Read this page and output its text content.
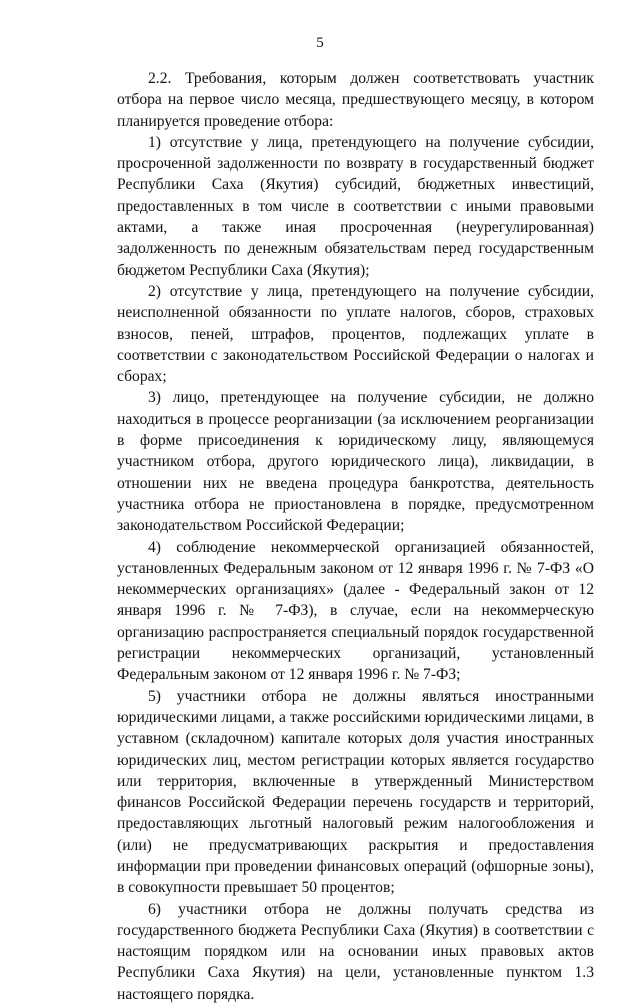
5

2.2. Требования, которым должен соответствовать участник отбора на первое число месяца, предшествующего месяцу, в котором планируется проведение отбора:

1) отсутствие у лица, претендующего на получение субсидии, просроченной задолженности по возврату в государственный бюджет Республики Саха (Якутия) субсидий, бюджетных инвестиций, предоставленных в том числе в соответствии с иными правовыми актами, а также иная просроченная (неурегулированная) задолженность по денежным обязательствам перед государственным бюджетом Республики Саха (Якутия);

2) отсутствие у лица, претендующего на получение субсидии, неисполненной обязанности по уплате налогов, сборов, страховых взносов, пеней, штрафов, процентов, подлежащих уплате в соответствии с законодательством Российской Федерации о налогах и сборах;

3) лицо, претендующее на получение субсидии, не должно находиться в процессе реорганизации (за исключением реорганизации в форме присоединения к юридическому лицу, являющемуся участником отбора, другого юридического лица), ликвидации, в отношении них не введена процедура банкротства, деятельность участника отбора не приостановлена в порядке, предусмотренном законодательством Российской Федерации;

4) соблюдение некоммерческой организацией обязанностей, установленных Федеральным законом от 12 января 1996 г. № 7-ФЗ «О некоммерческих организациях» (далее - Федеральный закон от 12 января 1996 г. № 7-ФЗ), в случае, если на некоммерческую организацию распространяется специальный порядок государственной регистрации некоммерческих организаций, установленный Федеральным законом от 12 января 1996 г. № 7-ФЗ;

5) участники отбора не должны являться иностранными юридическими лицами, а также российскими юридическими лицами, в уставном (складочном) капитале которых доля участия иностранных юридических лиц, местом регистрации которых является государство или территория, включенные в утвержденный Министерством финансов Российской Федерации перечень государств и территорий, предоставляющих льготный налоговый режим налогообложения и (или) не предусматривающих раскрытия и предоставления информации при проведении финансовых операций (офшорные зоны), в совокупности превышает 50 процентов;

6) участники отбора не должны получать средства из государственного бюджета Республики Саха (Якутия) в соответствии с настоящим порядком или на основании иных правовых актов Республики Саха Якутия) на цели, установленные пунктом 1.3 настоящего порядка.
